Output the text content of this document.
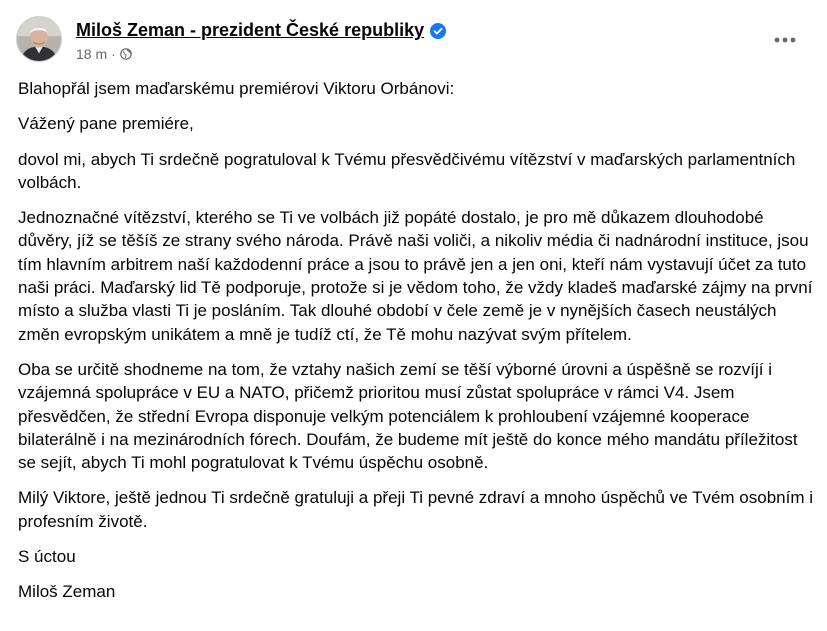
Miloš Zeman - prezident České republiky
18 m ·

Blahopřál jsem maďarskému premiérovi Viktoru Orbánovi:

Vážený pane premiére,

dovol mi, abych Ti srdečně pogratuloval k Tvému přesvědčivému vítězství v maďarských parlamentních volbách.

Jednoznačné vítězství, kterého se Ti ve volbách již popáté dostalo, je pro mě důkazem dlouhodobé důvěry, jíž se těšíš ze strany svého národa. Právě naši voliči, a nikoliv média či nadnárodní instituce, jsou tím hlavním arbitrem naší každodenní práce a jsou to právě jen a jen oni, kteří nám vystavují účet za tuto naši práci. Maďarský lid Tě podporuje, protože si je vědom toho, že vždy kladeš maďarské zájmy na první místo a služba vlasti Ti je posláním. Tak dlouhé období v čele země je v nynějších časech neustálých změn evropským unikátem a mně je tudíž ctí, že Tě mohu nazývat svým přítelem.

Oba se určitě shodneme na tom, že vztahy našich zemí se těší výborné úrovni a úspěšně se rozvíjí i vzájemná spolupráce v EU a NATO, přičemž prioritou musí zůstat spolupráce v rámci V4. Jsem přesvědčen, že střední Evropa disponuje velkým potenciálem k prohloubení vzájemné kooperace bilaterálně i na mezinárodních fórech. Doufám, že budeme mít ještě do konce mého mandátu příležitost se sejít, abych Ti mohl pogratulovat k Tvému úspěchu osobně.

Milý Viktore, ještě jednou Ti srdečně gratuluji a přeji Ti pevné zdraví a mnoho úspěchů ve Tvém osobním i profesním životě.

S úctou

Miloš Zeman
